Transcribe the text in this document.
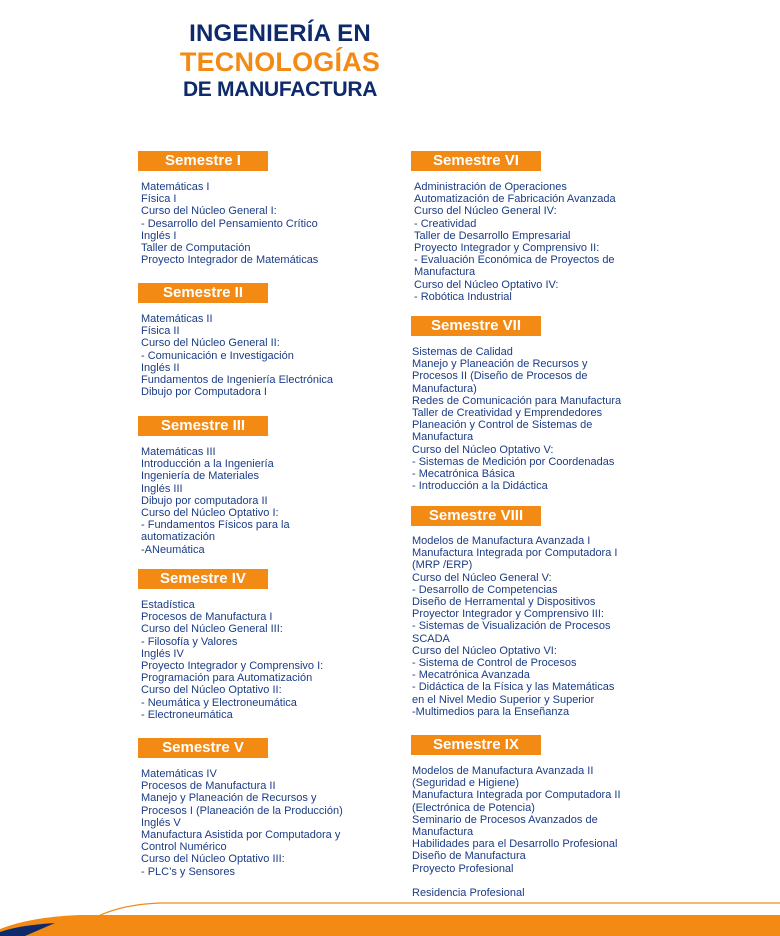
INGENIERÍA EN
TECNOLOGÍAS
DE MANUFACTURA
Semestre I
Matemáticas I
Física I
Curso del Núcleo General I:
- Desarrollo del Pensamiento Crítico
Inglés I
Taller de Computación
Proyecto Integrador de Matemáticas
Semestre II
Matemáticas II
Física II
Curso del Núcleo General II:
- Comunicación e Investigación
Inglés II
Fundamentos de Ingeniería Electrónica
Dibujo por Computadora I
Semestre III
Matemáticas III
Introducción a la Ingeniería
Ingeniería de Materiales
Inglés III
Dibujo por computadora II
Curso del Núcleo Optativo I:
- Fundamentos Físicos para la
automatización
-ANeumática
Semestre IV
Estadística
Procesos de Manufactura I
Curso del Núcleo General III:
- Filosofía y Valores
Inglés IV
Proyecto Integrador y Comprensivo I:
Programación para Automatización
Curso del Núcleo Optativo II:
- Neumática y Electroneumática
- Electroneumática
Semestre V
Matemáticas IV
Procesos de Manufactura II
Manejo y Planeación de Recursos y
Procesos I (Planeación de la Producción)
Inglés V
Manufactura Asistida por Computadora y
Control Numérico
Curso del Núcleo Optativo III:
- PLC’s y Sensores
Semestre VI
Administración de Operaciones
Automatización de Fabricación Avanzada
Curso del Núcleo General IV:
- Creatividad
Taller de Desarrollo Empresarial
Proyecto Integrador y Comprensivo II:
- Evaluación Económica de Proyectos de
Manufactura
Curso del Núcleo Optativo IV:
- Robótica Industrial
Semestre VII
Sistemas de Calidad
Manejo y Planeación de Recursos y
Procesos II (Diseño de Procesos de
Manufactura)
Redes de Comunicación para Manufactura
Taller de Creatividad y Emprendedores
Planeación y Control de Sistemas de
Manufactura
Curso del Núcleo Optativo V:
- Sistemas de Medición por Coordenadas
- Mecatrónica Básica
- Introducción a la Didáctica
Semestre VIII
Modelos de Manufactura Avanzada I
Manufactura Integrada por Computadora I
(MRP /ERP)
Curso del Núcleo General V:
- Desarrollo de Competencias
Diseño de Herramental y Dispositivos
Proyector Integrador y Comprensivo III:
- Sistemas de Visualización de Procesos
SCADA
Curso del Núcleo Optativo VI:
- Sistema de Control de Procesos
- Mecatrónica Avanzada
- Didáctica de la Física y las Matemáticas
en el Nivel Medio Superior y Superior
-Multimedios para la Enseñanza
Semestre IX
Modelos de Manufactura Avanzada II
(Seguridad e Higiene)
Manufactura Integrada por Computadora II
(Electrónica de Potencia)
Seminario de Procesos Avanzados de
Manufactura
Habilidades para el Desarrollo Profesional
Diseño de Manufactura
Proyecto Profesional
Residencia Profesional
